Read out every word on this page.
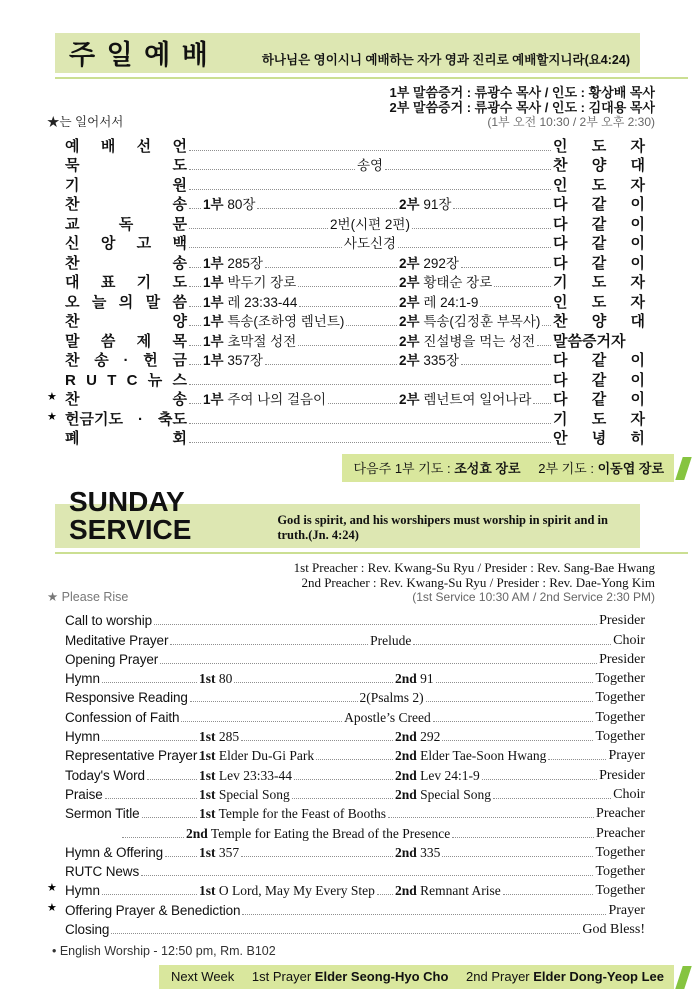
주 일 예 배	하나님은 영이시니 예배하는 자가 영과 진리로 예배할지니라(요4:24)
1부 말씀증거 : 류광수 목사 / 인도 : 황상배 목사
2부 말씀증거 : 류광수 목사 / 인도 : 김대용 목사
★는 일어서서	(1부 오전 10:30 / 2부 오후 2:30)
예 배 선 언	인 도 자
묵 도	송영	찬 양 대
기 원	인 도 자
찬 송 1부 80장	2부 91장	다 같 이
교 독 문	2번(시편 2편)	다 같 이
신 앙 고 백	사도신경	다 같 이
찬 송 1부 285장	2부 292장	다 같 이
대 표 기 도 1부 박두기 장로	2부 황태순 장로	기 도 자
오 늘 의 말 씀 1부 레 23:33-44	2부 레 24:1-9	인 도 자
찬 양 1부 특송(조하영 렘넌트)	2부 특송(김정훈 부목사) 찬 양 대
말 씀 제 목 1부 초막절 성전	2부 진설병을 먹는 성전 말씀증거자
찬 송 · 헌 금 1부 357장	2부 335장	다 같 이
R U T C 뉴 스	다 같 이
★ 찬 송 1부 주여 나의 걸음이	2부 렘넌트여 일어나라 다 같 이
★ 헌금기도 · 축도	기 도 자
폐 회	안 녕 히
다음주 1부 기도 : 조성효 장로 2부 기도 : 이동엽 장로
SUNDAY SERVICE	God is spirit, and his worshipers must worship in spirit and in truth.(Jn. 4:24)
1st Preacher : Rev. Kwang-Su Ryu / Presider : Rev. Sang-Bae Hwang
2nd Preacher : Rev. Kwang-Su Ryu / Presider : Rev. Dae-Yong Kim
★ Please Rise	(1st Service 10:30 AM / 2nd Service 2:30 PM)
Call to worship	Presider
Meditative Prayer	Prelude	Choir
Opening Prayer	Presider
Hymn	1st 80	2nd 91	Together
Responsive Reading	2(Psalms 2)	Together
Confession of Faith	Apostle’s Creed	Together
Hymn	1st 285	2nd 292	Together
Representative Prayer 1st Elder Du-Gi Park	2nd Elder Tae-Soon Hwang	Prayer
Today's Word	1st Lev 23:33-44	2nd Lev 24:1-9	Presider
Praise	1st Special Song	2nd Special Song	Choir
Sermon Title	1st Temple for the Feast of Booths	Preacher
2nd Temple for Eating the Bread of the Presence	Preacher
Hymn & Offering	1st 357	2nd 335	Together
RUTC News	Together
★ Hymn	1st O Lord, May My Every Step 2nd Remnant Arise	Together
★ Offering Prayer & Benediction	Prayer
Closing	God Bless!
• English Worship - 12:50 pm, Rm. B102
Next Week 1st Prayer Elder Seong-Hyo Cho 2nd Prayer Elder Dong-Yeop Lee
